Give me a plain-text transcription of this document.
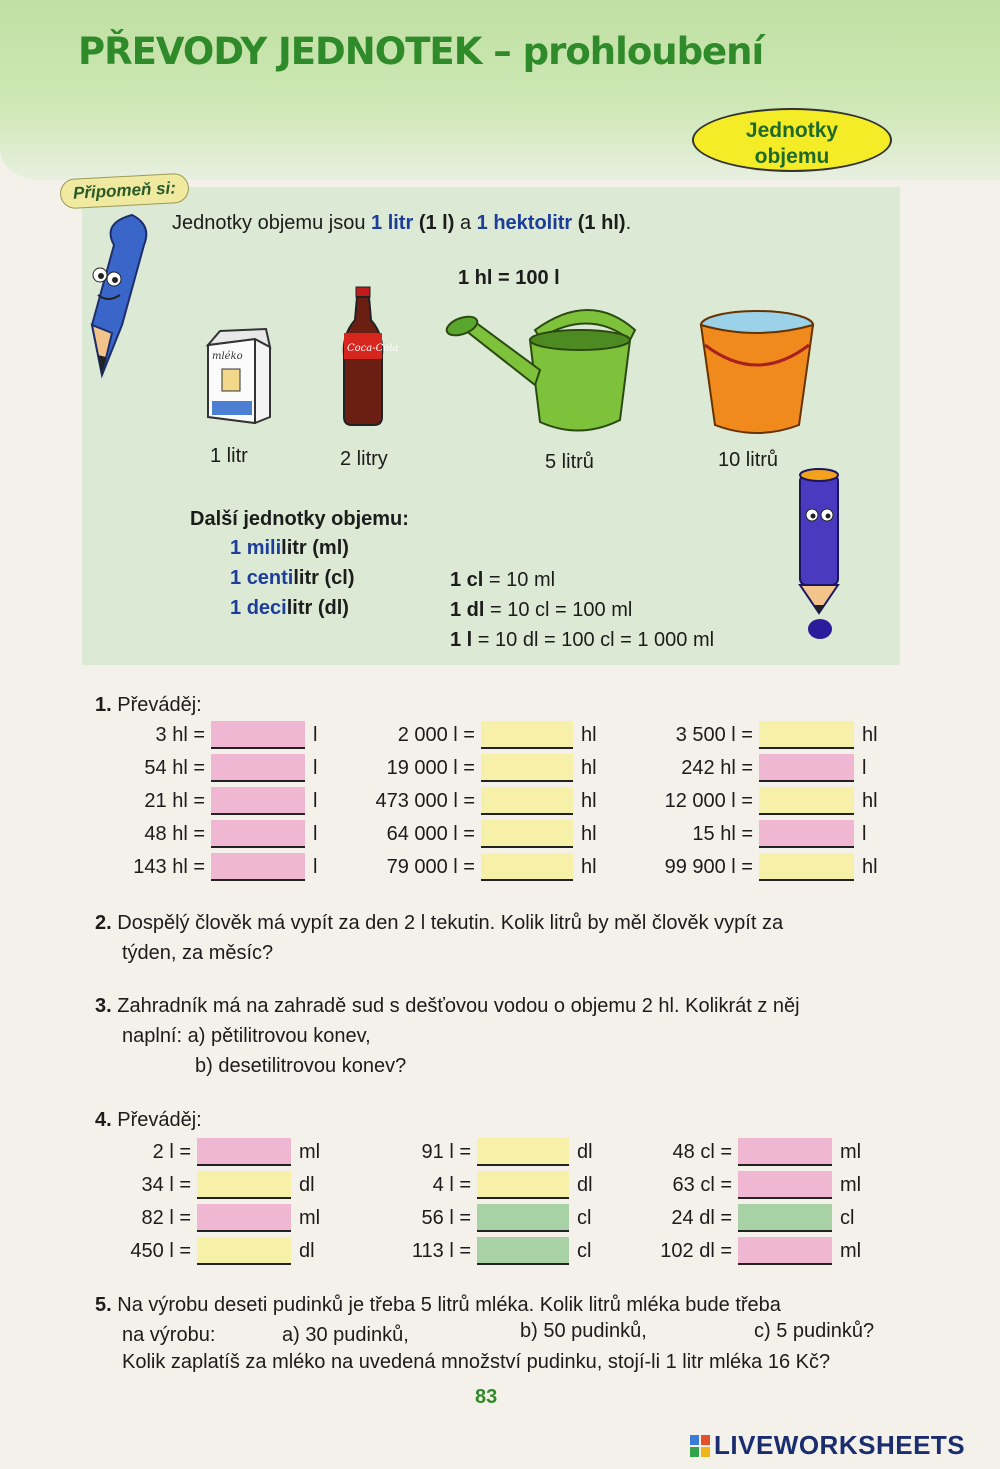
PŘEVODY JEDNOTEK – prohloubení
Jednotky
objemu
Připomeň si:
Jednotky objemu jsou 1 litr (1 l) a 1 hektolitr (1 hl).
1 hl = 100 l
mléko
Coca-Cola
1 litr	2 litry	5 litrů	10 litrů
Další jednotky objemu:
1 mililitr (ml)
1 centilitr (cl)
1 decilitr (dl)
1 cl = 10 ml
1 dl = 10 cl = 100 ml
1 l = 10 dl = 100 cl = 1 000 ml
1. Převáděj:
2. Dospělý člověk má vypít za den 2 l tekutin. Kolik litrů by měl člověk vypít za
týden, za měsíc?
3. Zahradník má na zahradě sud s dešťovou vodou o objemu 2 hl. Kolikrát z něj
naplní: a) pětilitrovou konev,
b) desetilitrovou konev?
4. Převáděj:
5. Na výrobu deseti pudinků je třeba 5 litrů mléka. Kolik litrů mléka bude třeba
na výrobu:	a) 30 pudinků,	b) 50 pudinků,	c) 5 pudinků?
Kolik zaplatíš za mléko na uvedená množství pudinku, stojí-li 1 litr mléka 16 Kč?
83
LIVEWORKSHEETS
3 hl =	l
54 hl =	l
21 hl =	l
48 hl =	l
143 hl =	l
2 000 l =	hl
19 000 l =	hl
473 000 l =	hl
64 000 l =	hl
79 000 l =	hl
3 500 l =	hl
242 hl =	l
12 000 l =	hl
15 hl =	l
99 900 l =	hl
2 l =	ml
34 l =	dl
82 l =	ml
450 l =	dl
91 l =	dl
4 l =	dl
56 l =	cl
113 l =	cl
48 cl =	ml
63 cl =	ml
24 dl =	cl
102 dl =	ml
